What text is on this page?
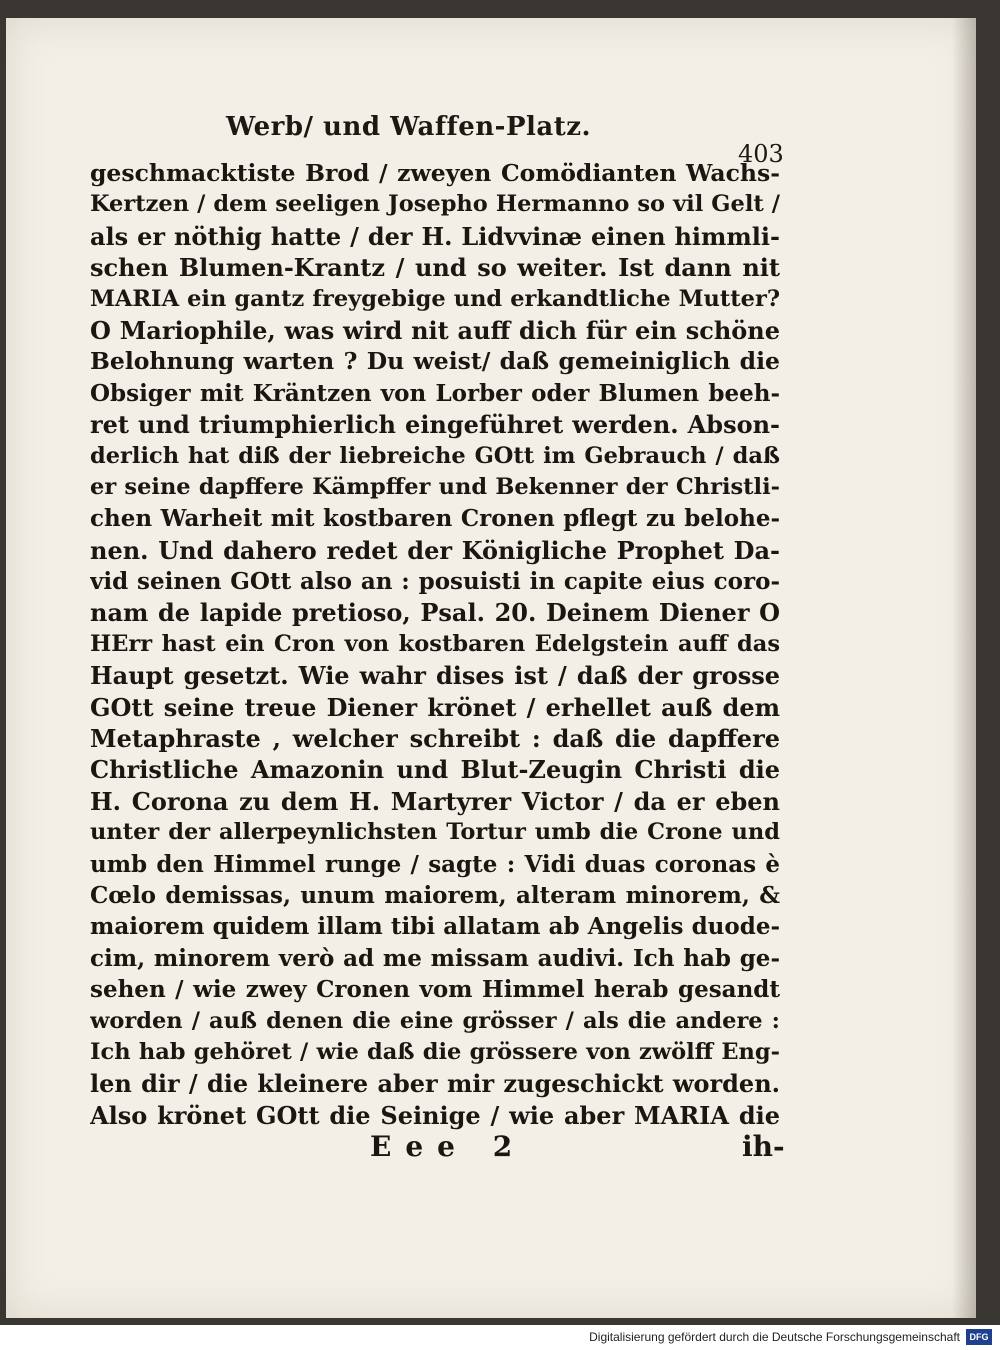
Werb/ und Waffen-Platz.
403
geschmacktiste Brod / zweyen Comödianten Wachs-
Kertzen / dem seeligen Josepho Hermanno so vil Gelt /
als er nöthig hatte / der H. Lidvvinæ einen himmli-
schen Blumen-Krantz / und so weiter. Ist dann nit
MARIA ein gantz freygebige und erkandtliche Mutter?
O Mariophile, was wird nit auff dich für ein schöne
Belohnung warten ? Du weist/ daß gemeiniglich die
Obsiger mit Kräntzen von Lorber oder Blumen beeh-
ret und triumphierlich eingeführet werden. Abson-
derlich hat diß der liebreiche GOtt im Gebrauch / daß
er seine dapffere Kämpffer und Bekenner der Christli-
chen Warheit mit kostbaren Cronen pflegt zu belohe-
nen. Und dahero redet der Königliche Prophet Da-
vid seinen GOtt also an : posuisti in capite eius coro-
nam de lapide pretioso, Psal. 20. Deinem Diener O
HErr hast ein Cron von kostbaren Edelgstein auff das
Haupt gesetzt. Wie wahr dises ist / daß der grosse
GOtt seine treue Diener krönet / erhellet auß dem
Metaphraste , welcher schreibt : daß die dapffere
Christliche Amazonin und Blut-Zeugin Christi die
H. Corona zu dem H. Martyrer Victor / da er eben
unter der allerpeynlichsten Tortur umb die Crone und
umb den Himmel runge / sagte : Vidi duas coronas è
Cœlo demissas, unum maiorem, alteram minorem, &
maiorem quidem illam tibi allatam ab Angelis duode-
cim, minorem verò ad me missam audivi. Ich hab ge-
sehen / wie zwey Cronen vom Himmel herab gesandt
worden / auß denen die eine grösser / als die andere :
Ich hab gehöret / wie daß die grössere von zwölff Eng-
len dir / die kleinere aber mir zugeschickt worden.
Also krönet GOtt die Seinige / wie aber MARIA die
Eee 2	ih-
Digitalisierung gefördert durch die Deutsche Forschungsgemeinschaft	DFG
